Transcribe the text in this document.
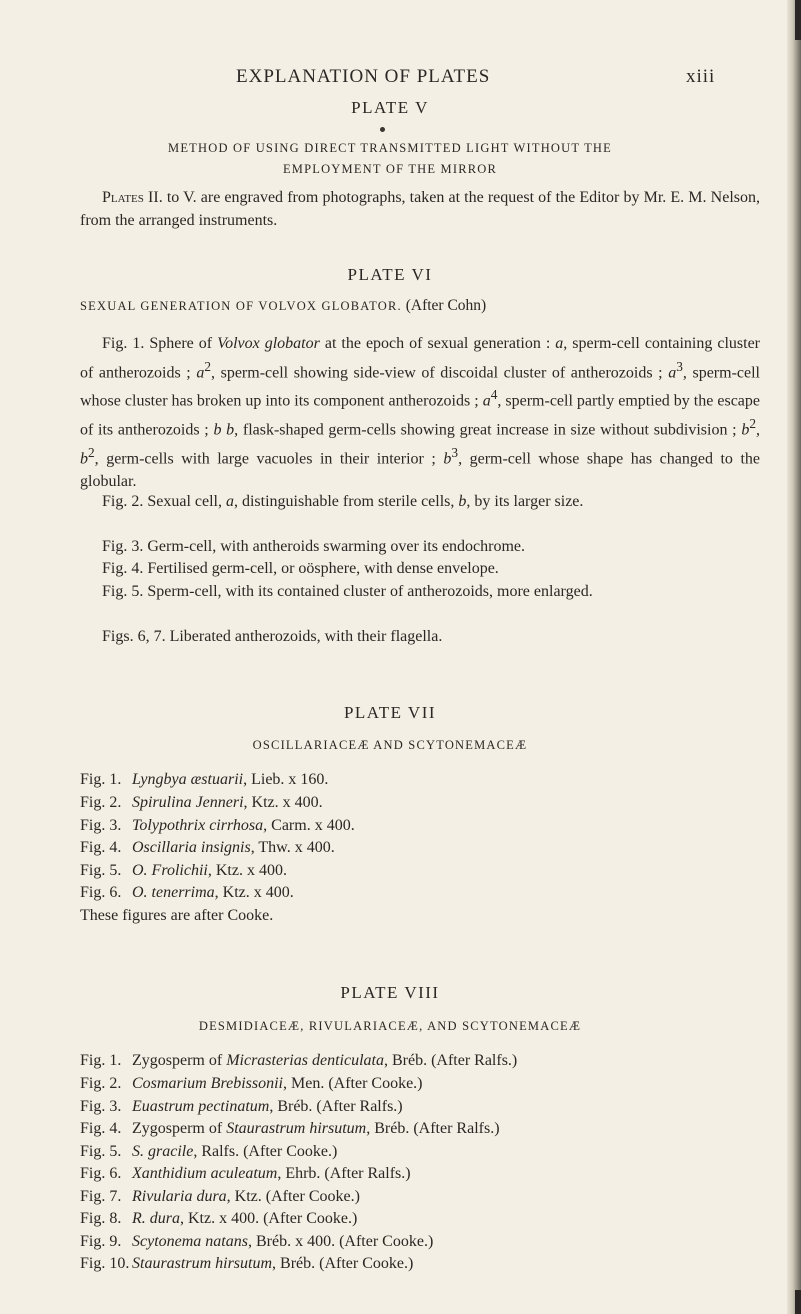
EXPLANATION OF PLATES	xiii
PLATE V
METHOD OF USING DIRECT TRANSMITTED LIGHT WITHOUT THE
EMPLOYMENT OF THE MIRROR
Plates II. to V. are engraved from photographs, taken at the request of the Editor by Mr. E. M. Nelson, from the arranged instruments.
PLATE VI
SEXUAL GENERATION OF VOLVOX GLOBATOR. (After Cohn)
Fig. 1. Sphere of Volvox globator at the epoch of sexual generation : a, sperm-cell containing cluster of antherozoids ; $a^2$, sperm-cell showing side-view of discoidal cluster of antherozoids ; $a^3$, sperm-cell whose cluster has broken up into its component antherozoids ; $a^4$, sperm-cell partly emptied by the escape of its antherozoids ; b b, flask-shaped germ-cells showing great increase in size without subdivision ; $b^2$, $b^2$, germ-cells with large vacuoles in their interior ; $b^3$, germ-cell whose shape has changed to the globular.
Fig. 2. Sexual cell, a, distinguishable from sterile cells, b, by its larger size.
Fig. 3. Germ-cell, with antheroids swarming over its endochrome.
Fig. 4. Fertilised germ-cell, or oösphere, with dense envelope.
Fig. 5. Sperm-cell, with its contained cluster of antherozoids, more enlarged.
Figs. 6, 7. Liberated antherozoids, with their flagella.
PLATE VII
OSCILLARIACEÆ AND SCYTONEMACEÆ
Fig. 1. Lyngbya æstuarii, Lieb. x 160.
Fig. 2. Spirulina Jenneri, Ktz. x 400.
Fig. 3. Tolypothrix cirrhosa, Carm. x 400.
Fig. 4. Oscillaria insignis, Thw. x 400.
Fig. 5. O. Frolichii, Ktz. x 400.
Fig. 6. O. tenerrima, Ktz. x 400.
These figures are after Cooke.
PLATE VIII
DESMIDIACEÆ, RIVULARIACEÆ, AND SCYTONEMACEÆ
Fig. 1. Zygosperm of Micrasterias denticulata, Bréb. (After Ralfs.)
Fig. 2. Cosmarium Brebissonii, Men. (After Cooke.)
Fig. 3. Euastrum pectinatum, Bréb. (After Ralfs.)
Fig. 4. Zygosperm of Staurastrum hirsutum, Bréb. (After Ralfs.)
Fig. 5. S. gracile, Ralfs. (After Cooke.)
Fig. 6. Xanthidium aculeatum, Ehrb. (After Ralfs.)
Fig. 7. Rivularia dura, Ktz. (After Cooke.)
Fig. 8. R. dura, Ktz. x 400. (After Cooke.)
Fig. 9. Scytonema natans, Bréb. x 400. (After Cooke.)
Fig. 10. Staurastrum hirsutum, Bréb. (After Cooke.)
